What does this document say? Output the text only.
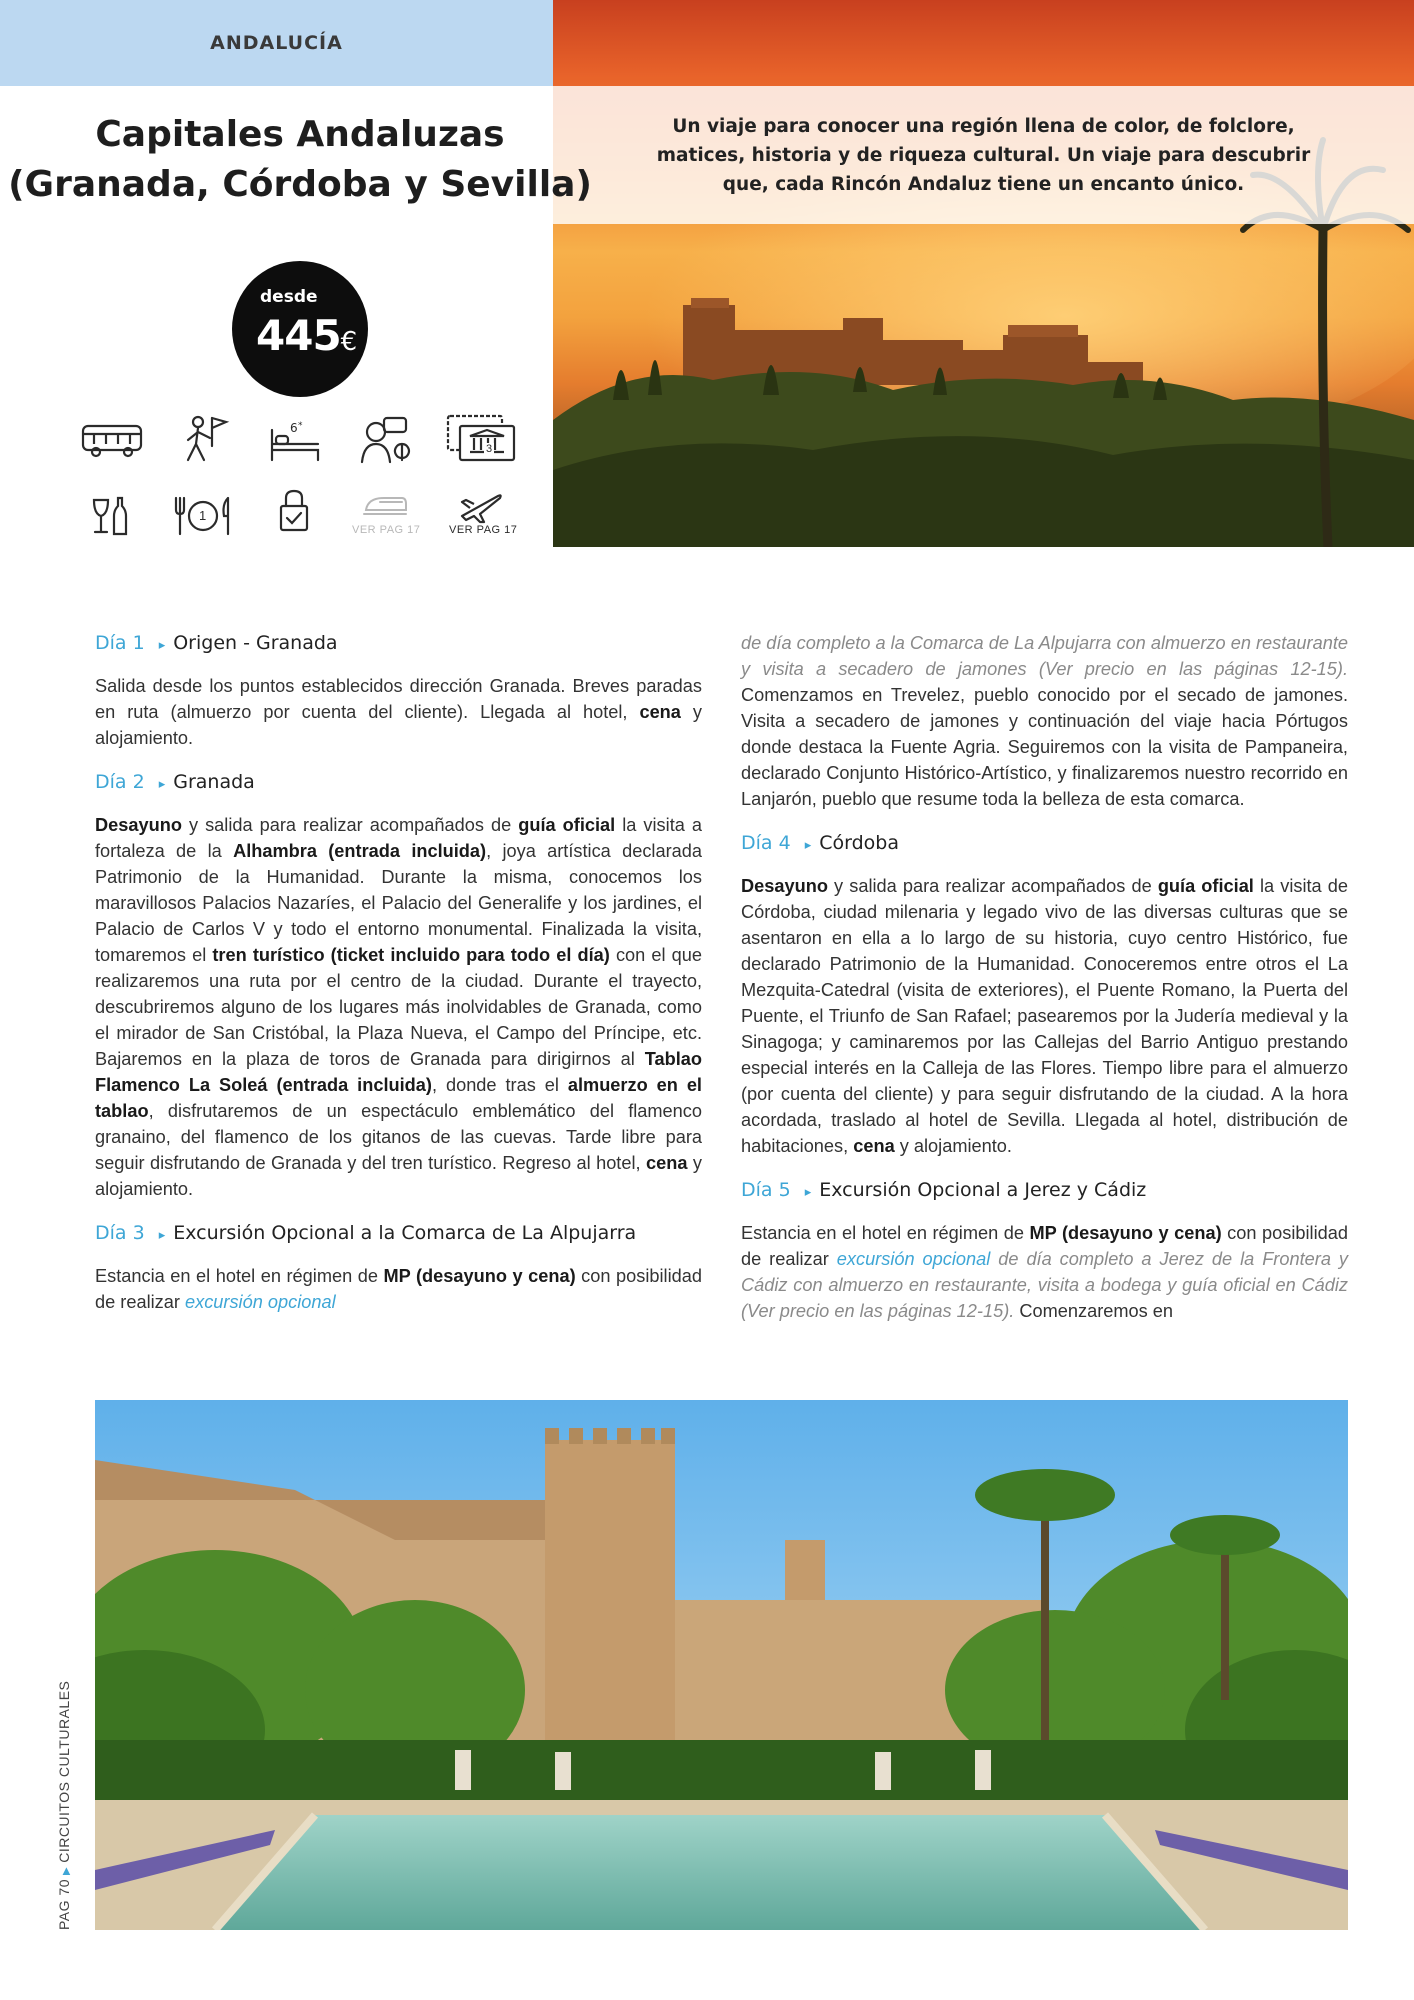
ANDALUCÍA

Un viaje para conocer una región llena de color, de folclore, matices, historia y de riqueza cultural. Un viaje para descubrir que, cada Rincón Andaluz tiene un encanto único.

Capitales Andaluzas
(Granada, Córdoba y Sevilla)
desde
445€
6 *
3
1
VER PAG 17	VER PAG 17
Día 1 ▸ Origen - Granada

Salida desde los puntos establecidos dirección Granada. Breves paradas en ruta (almuerzo por cuenta del cliente). Llegada al hotel, cena y alojamiento.

Día 2 ▸ Granada

Desayuno y salida para realizar acompañados de guía oficial la visita a fortaleza de la Alhambra (entrada incluida), joya artística declarada Patrimonio de la Humanidad. Durante la misma, conocemos los maravillosos Palacios Nazaríes, el Palacio del Generalife y los jardines, el Palacio de Carlos V y todo el entorno monumental. Finalizada la visita, tomaremos el tren turístico (ticket incluido para todo el día) con el que realizaremos una ruta por el centro de la ciudad. Durante el trayecto, descubriremos alguno de los lugares más inolvidables de Granada, como el mirador de San Cristóbal, la Plaza Nueva, el Campo del Príncipe, etc. Bajaremos en la plaza de toros de Granada para dirigirnos al Tablao Flamenco La Soleá (entrada incluida), donde tras el almuerzo en el tablao, disfrutaremos de un espectáculo emblemático del flamenco granaino, del flamenco de los gitanos de las cuevas. Tarde libre para seguir disfrutando de Granada y del tren turístico. Regreso al hotel, cena y alojamiento.

Día 3 ▸ Excursión Opcional a la Comarca de La Alpujarra

Estancia en el hotel en régimen de MP (desayuno y cena) con posibilidad de realizar excursión opcional

de día completo a la Comarca de La Alpujarra con almuerzo en restaurante y visita a secadero de jamones (Ver precio en las páginas 12-15). Comenzamos en Trevelez, pueblo conocido por el secado de jamones. Visita a secadero de jamones y continuación del viaje hacia Pórtugos donde destaca la Fuente Agria. Seguiremos con la visita de Pampaneira, declarado Conjunto Histórico-Artístico, y finalizaremos nuestro recorrido en Lanjarón, pueblo que resume toda la belleza de esta comarca.

Día 4 ▸ Córdoba

Desayuno y salida para realizar acompañados de guía oficial la visita de Córdoba, ciudad milenaria y legado vivo de las diversas culturas que se asentaron en ella a lo largo de su historia, cuyo centro Histórico, fue declarado Patrimonio de la Humanidad. Conoceremos entre otros el La Mezquita-Catedral (visita de exteriores), el Puente Romano, la Puerta del Puente, el Triunfo de San Rafael; pasearemos por la Judería medieval y la Sinagoga; y caminaremos por las Callejas del Barrio Antiguo prestando especial interés en la Calleja de las Flores. Tiempo libre para el almuerzo (por cuenta del cliente) y para seguir disfrutando de la ciudad. A la hora acordada, traslado al hotel de Sevilla. Llegada al hotel, distribución de habitaciones, cena y alojamiento.

Día 5 ▸ Excursión Opcional a Jerez y Cádiz

Estancia en el hotel en régimen de MP (desayuno y cena) con posibilidad de realizar excursión opcional de día completo a Jerez de la Frontera y Cádiz con almuerzo en restaurante, visita a bodega y guía oficial en Cádiz (Ver precio en las páginas 12-15). Comenzaremos en

PAG 70▶CIRCUITOS CULTURALES
